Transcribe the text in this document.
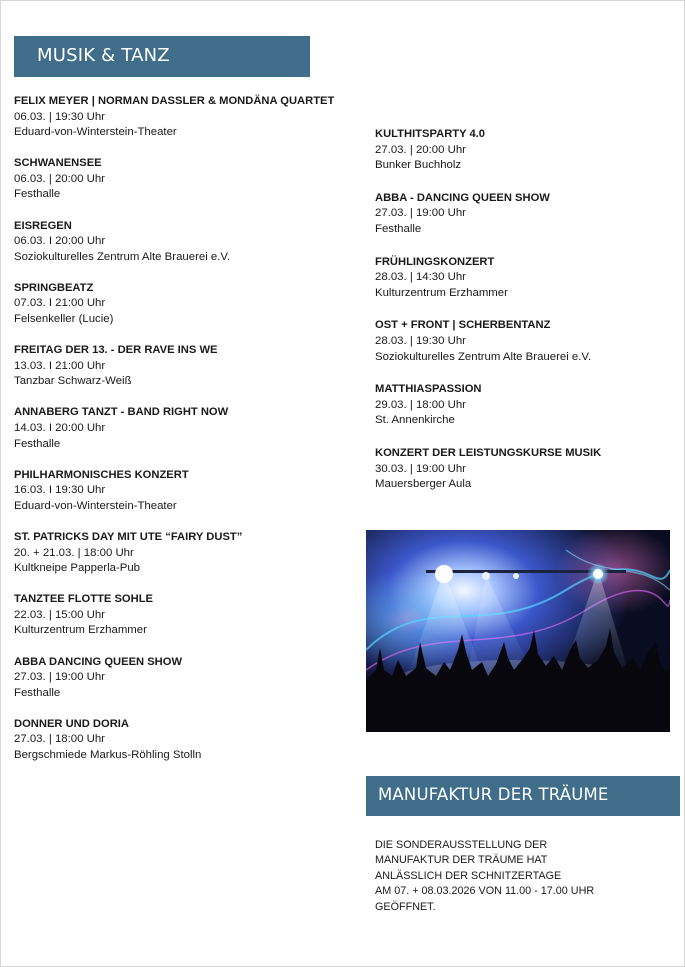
MUSIK & TANZ
FELIX MEYER | NORMAN DASSLER & MONDÄNA QUARTET
06.03. | 19:30 Uhr
Eduard-von-Winterstein-Theater
SCHWANENSEE
06.03. | 20:00 Uhr
Festhalle
EISREGEN
06.03. I 20:00 Uhr
Soziokulturelles Zentrum Alte Brauerei e.V.
SPRINGBEATZ
07.03. I 21:00 Uhr
Felsenkeller (Lucie)
FREITAG DER 13. - DER RAVE INS WE
13.03. I 21:00 Uhr
Tanzbar Schwarz-Weiß
ANNABERG TANZT - BAND RIGHT NOW
14.03. I 20:00 Uhr
Festhalle
PHILHARMONISCHES KONZERT
16.03. I 19:30 Uhr
Eduard-von-Winterstein-Theater
ST. PATRICKS DAY MIT UTE “FAIRY DUST”
20. + 21.03. | 18:00 Uhr
Kultkneipe Papperla-Pub
TANZTEE FLOTTE SOHLE
22.03. | 15:00 Uhr
Kulturzentrum Erzhammer
ABBA DANCING QUEEN SHOW
27.03. | 19:00 Uhr
Festhalle
DONNER UND DORIA
27.03. | 18:00 Uhr
Bergschmiede Markus-Röhling Stolln
KULTHITSPARTY 4.0
27.03. | 20:00 Uhr
Bunker Buchholz
ABBA - DANCING QUEEN SHOW
27.03. | 19:00 Uhr
Festhalle
FRÜHLINGSKONZERT
28.03. | 14:30 Uhr
Kulturzentrum Erzhammer
OST + FRONT | SCHERBENTANZ
28.03. | 19:30 Uhr
Soziokulturelles Zentrum Alte Brauerei e.V.
MATTHIASPASSION
29.03. | 18:00 Uhr
St. Annenkirche
KONZERT DER LEISTUNGSKURSE MUSIK
30.03. | 19:00 Uhr
Mauersberger Aula
MANUFAKTUR DER TRÄUME
DIE SONDERAUSSTELLUNG DER
MANUFAKTUR DER TRÄUME HAT
ANLÄSSLICH DER SCHNITZERTAGE
AM 07. + 08.03.2026 VON 11.00 - 17.00 UHR
GEÖFFNET.
